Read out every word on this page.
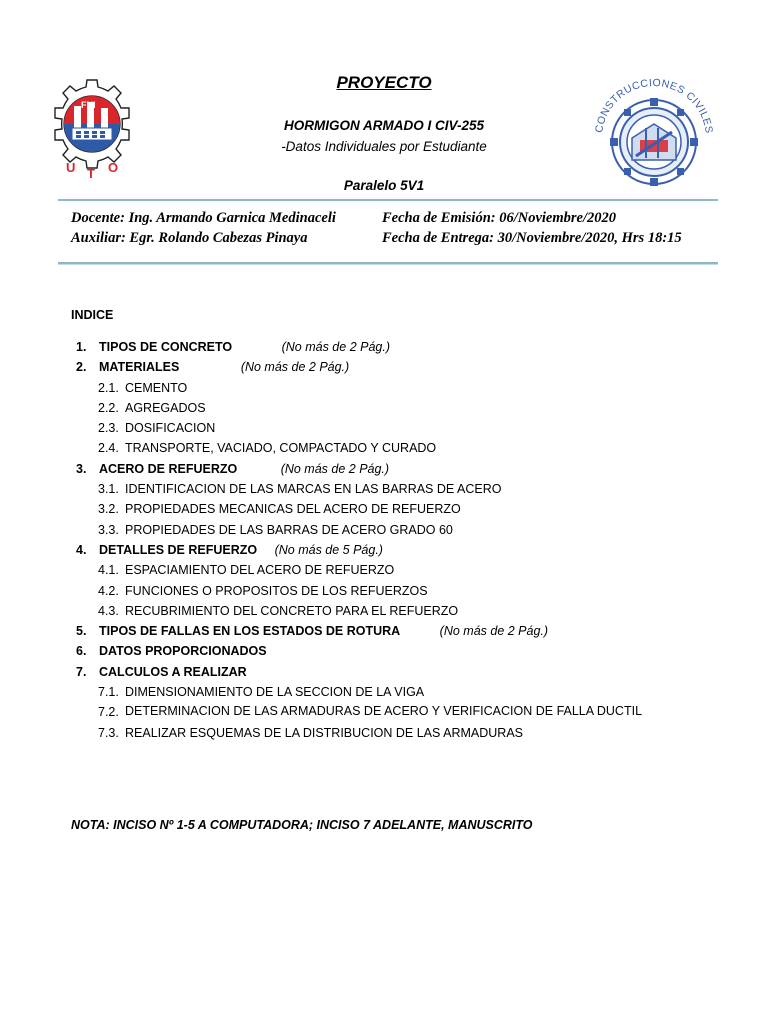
U T O
FNI
CONSTRUCCIONES CIVILES
PROYECTO
HORMIGON ARMADO I CIV-255
-Datos Individuales por Estudiante
Paralelo 5V1
Docente: Ing. Armando Garnica Medinaceli
Auxiliar: Egr. Rolando Cabezas Pinaya
Fecha de Emisión: 06/Noviembre/2020
Fecha de Entrega: 30/Noviembre/2020, Hrs 18:15
INDICE
1. TIPOS DE CONCRETO	(No más de 2 Pág.)
2. MATERIALES	(No más de 2 Pág.)
2.1. CEMENTO
2.2. AGREGADOS
2.3. DOSIFICACION
2.4. TRANSPORTE, VACIADO, COMPACTADO Y CURADO
3. ACERO DE REFUERZO	(No más de 2 Pág.)
3.1. IDENTIFICACION DE LAS MARCAS EN LAS BARRAS DE ACERO
3.2. PROPIEDADES MECANICAS DEL ACERO DE REFUERZO
3.3. PROPIEDADES DE LAS BARRAS DE ACERO GRADO 60
4. DETALLES DE REFUERZO (No más de 5 Pág.)
4.1. ESPACIAMIENTO DEL ACERO DE REFUERZO
4.2. FUNCIONES O PROPOSITOS DE LOS REFUERZOS
4.3. RECUBRIMIENTO DEL CONCRETO PARA EL REFUERZO
5. TIPOS DE FALLAS EN LOS ESTADOS DE ROTURA	(No más de 2 Pág.)
6. DATOS PROPORCIONADOS
7. CALCULOS A REALIZAR
7.1. DIMENSIONAMIENTO DE LA SECCION DE LA VIGA
7.2. DETERMINACION DE LAS ARMADURAS DE ACERO Y VERIFICACION DE FALLA DUCTIL
7.3. REALIZAR ESQUEMAS DE LA DISTRIBUCION DE LAS ARMADURAS
NOTA: INCISO Nº 1-5 A COMPUTADORA; INCISO 7 ADELANTE, MANUSCRITO
